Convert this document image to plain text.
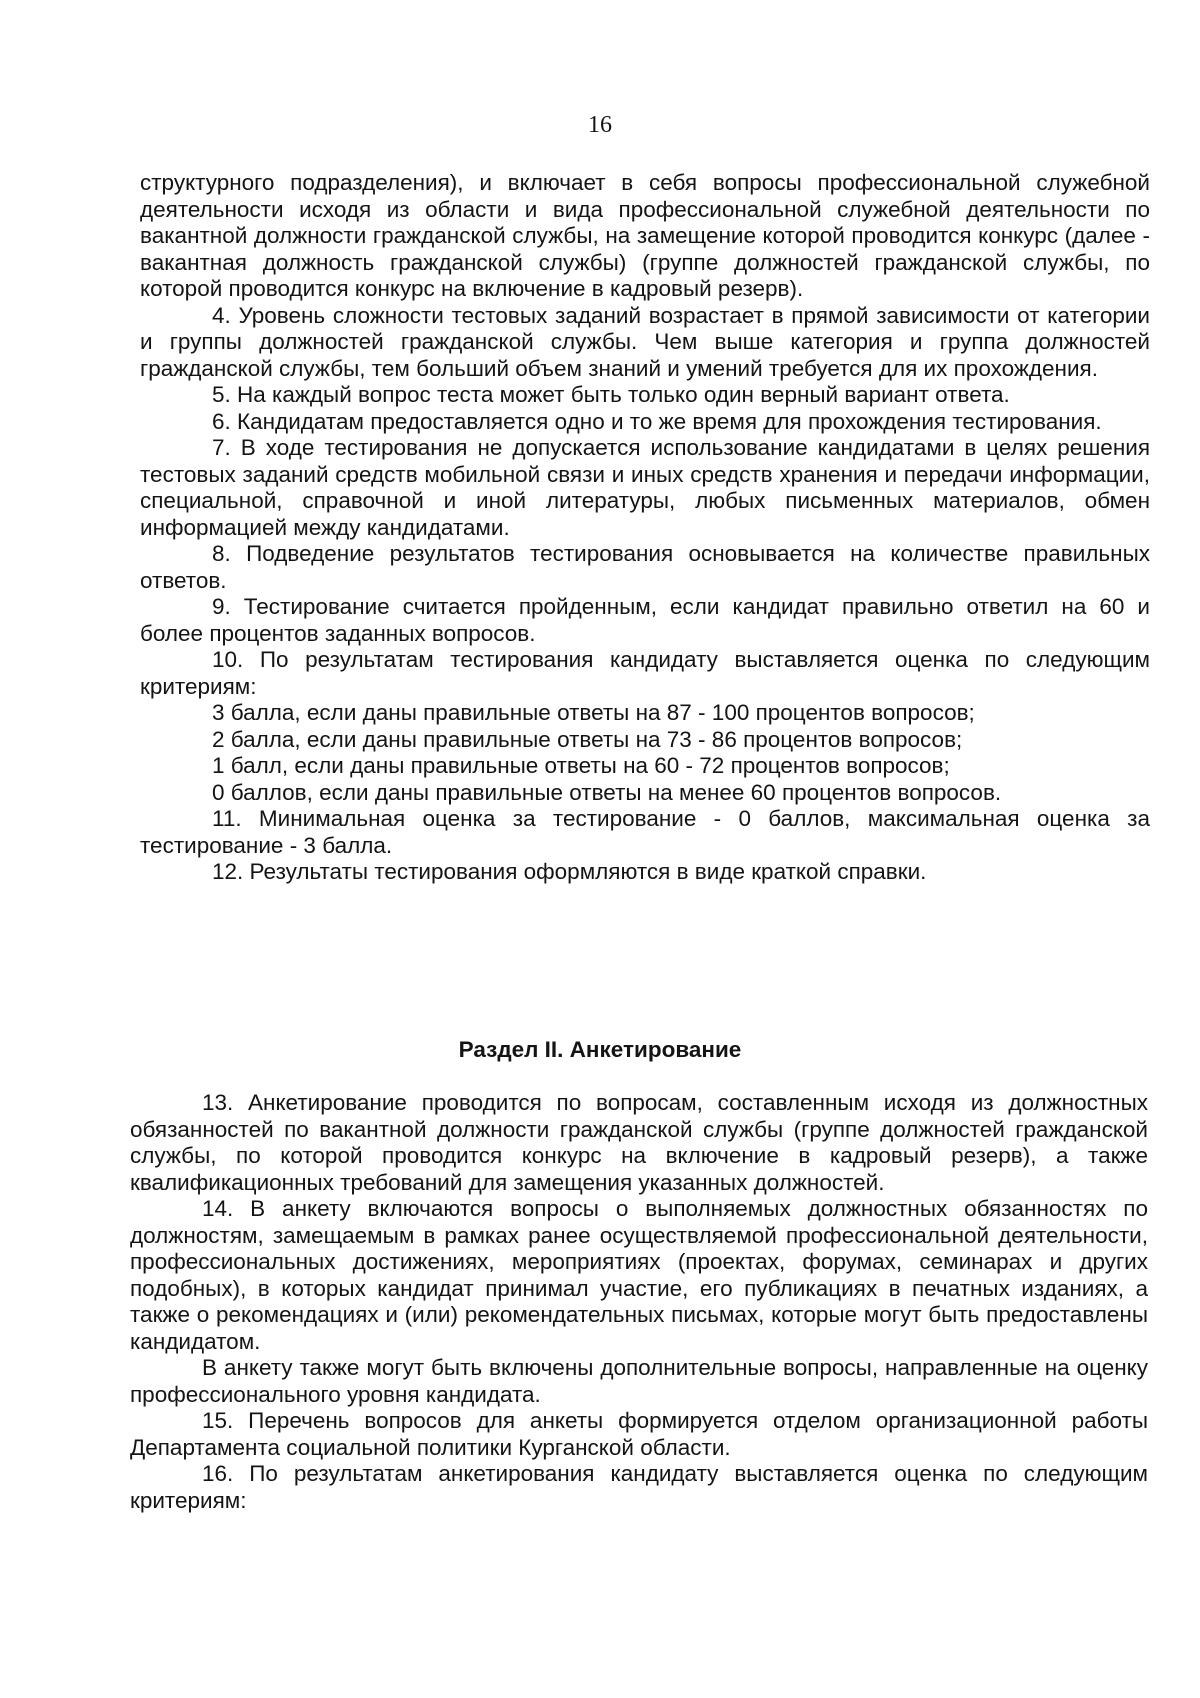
16

структурного подразделения), и включает в себя вопросы профессиональной служебной деятельности исходя из области и вида профессиональной служебной деятельности по вакантной должности гражданской службы, на замещение которой проводится конкурс (далее - вакантная должность гражданской службы) (группе должностей гражданской службы, по которой проводится конкурс на включение в кадровый резерв).

4. Уровень сложности тестовых заданий возрастает в прямой зависимости от категории и группы должностей гражданской службы. Чем выше категория и группа должностей гражданской службы, тем больший объем знаний и умений требуется для их прохождения.

5. На каждый вопрос теста может быть только один верный вариант ответа.

6. Кандидатам предоставляется одно и то же время для прохождения тестирования.

7. В ходе тестирования не допускается использование кандидатами в целях решения тестовых заданий средств мобильной связи и иных средств хранения и передачи информации, специальной, справочной и иной литературы, любых письменных материалов, обмен информацией между кандидатами.

8. Подведение результатов тестирования основывается на количестве правильных ответов.

9. Тестирование считается пройденным, если кандидат правильно ответил на 60 и более процентов заданных вопросов.

10. По результатам тестирования кандидату выставляется оценка по следующим критериям:

3 балла, если даны правильные ответы на 87 - 100 процентов вопросов;

2 балла, если даны правильные ответы на 73 - 86 процентов вопросов;

1 балл, если даны правильные ответы на 60 - 72 процентов вопросов;

0 баллов, если даны правильные ответы на менее 60 процентов вопросов.

11. Минимальная оценка за тестирование - 0 баллов, максимальная оценка за тестирование - 3 балла.

12. Результаты тестирования оформляются в виде краткой справки.

Раздел II. Анкетирование

13. Анкетирование проводится по вопросам, составленным исходя из должностных обязанностей по вакантной должности гражданской службы (группе должностей гражданской службы, по которой проводится конкурс на включение в кадровый резерв), а также квалификационных требований для замещения указанных должностей.

14. В анкету включаются вопросы о выполняемых должностных обязанностях по должностям, замещаемым в рамках ранее осуществляемой профессиональной деятельности, профессиональных достижениях, мероприятиях (проектах, форумах, семинарах и других подобных), в которых кандидат принимал участие, его публикациях в печатных изданиях, а также о рекомендациях и (или) рекомендательных письмах, которые могут быть предоставлены кандидатом.

В анкету также могут быть включены дополнительные вопросы, направленные на оценку профессионального уровня кандидата.

15. Перечень вопросов для анкеты формируется отделом организационной работы Департамента социальной политики Курганской области.

16. По результатам анкетирования кандидату выставляется оценка по следующим критериям:
